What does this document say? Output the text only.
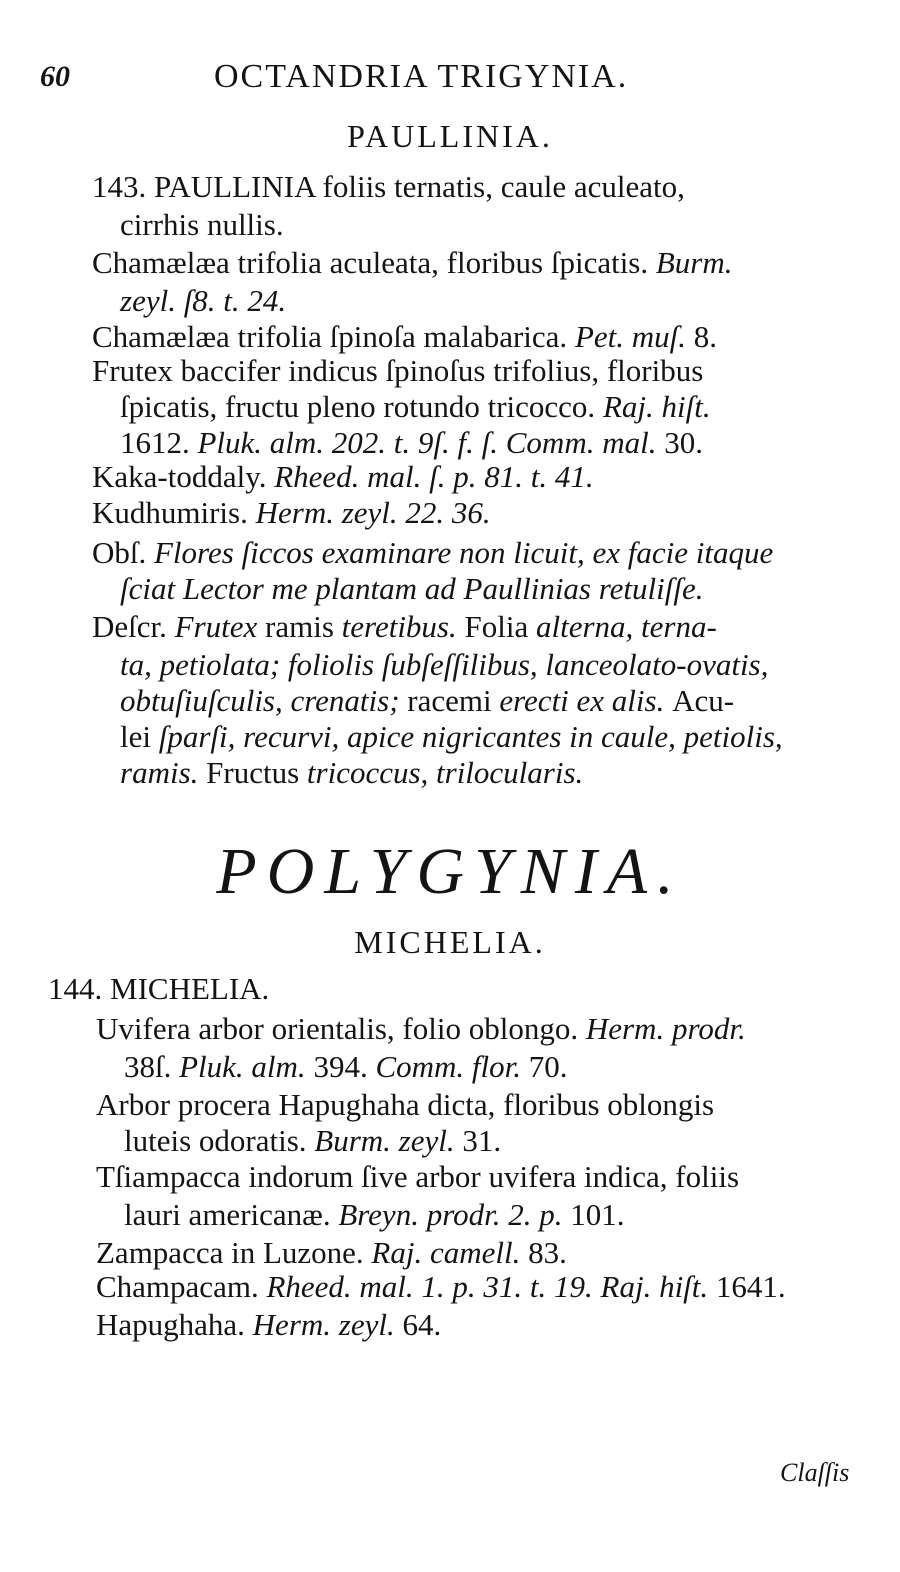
60	OCTANDRIA TRIGYNIA.
PAULLINIA.
143. PAULLINIA foliis ternatis, caule aculeato,
cirrhis nullis.
Chamælæa trifolia aculeata, floribus ſpicatis. Burm.
zeyl. ſ8. t. 24.
Chamælæa trifolia ſpinoſa malabarica. Pet. muſ. 8.
Frutex baccifer indicus ſpinoſus trifolius, floribus
ſpicatis, fructu pleno rotundo tricocco. Raj. hiſt.
1612. Pluk. alm. 202. t. 9ſ. f. ſ. Comm. mal. 30.
Kaka-toddaly. Rheed. mal. ſ. p. 81. t. 41.
Kudhumiris. Herm. zeyl. 22. 36.
Obſ. Flores ſiccos examinare non licuit, ex facie itaque
ſciat Lector me plantam ad Paullinias retuliſſe.
Deſcr. Frutex ramis teretibus. Folia alterna, terna-
ta, petiolata; foliolis ſubſeſſilibus, lanceolato-ovatis,
obtuſiuſculis, crenatis; racemi erecti ex alis. Acu-
lei ſparſi, recurvi, apice nigricantes in caule, petiolis,
ramis. Fructus tricoccus, trilocularis.
POLYGYNIA.
MICHELIA.
144. MICHELIA.
Uvifera arbor orientalis, folio oblongo. Herm. prodr.
38ſ. Pluk. alm. 394. Comm. flor. 70.
Arbor procera Hapughaha dicta, floribus oblongis
luteis odoratis. Burm. zeyl. 31.
Tſiampacca indorum ſive arbor uvifera indica, foliis
lauri americanæ. Breyn. prodr. 2. p. 101.
Zampacca in Luzone. Raj. camell. 83.
Champacam. Rheed. mal. 1. p. 31. t. 19. Raj. hiſt. 1641.
Hapughaha. Herm. zeyl. 64.
Claſſis
